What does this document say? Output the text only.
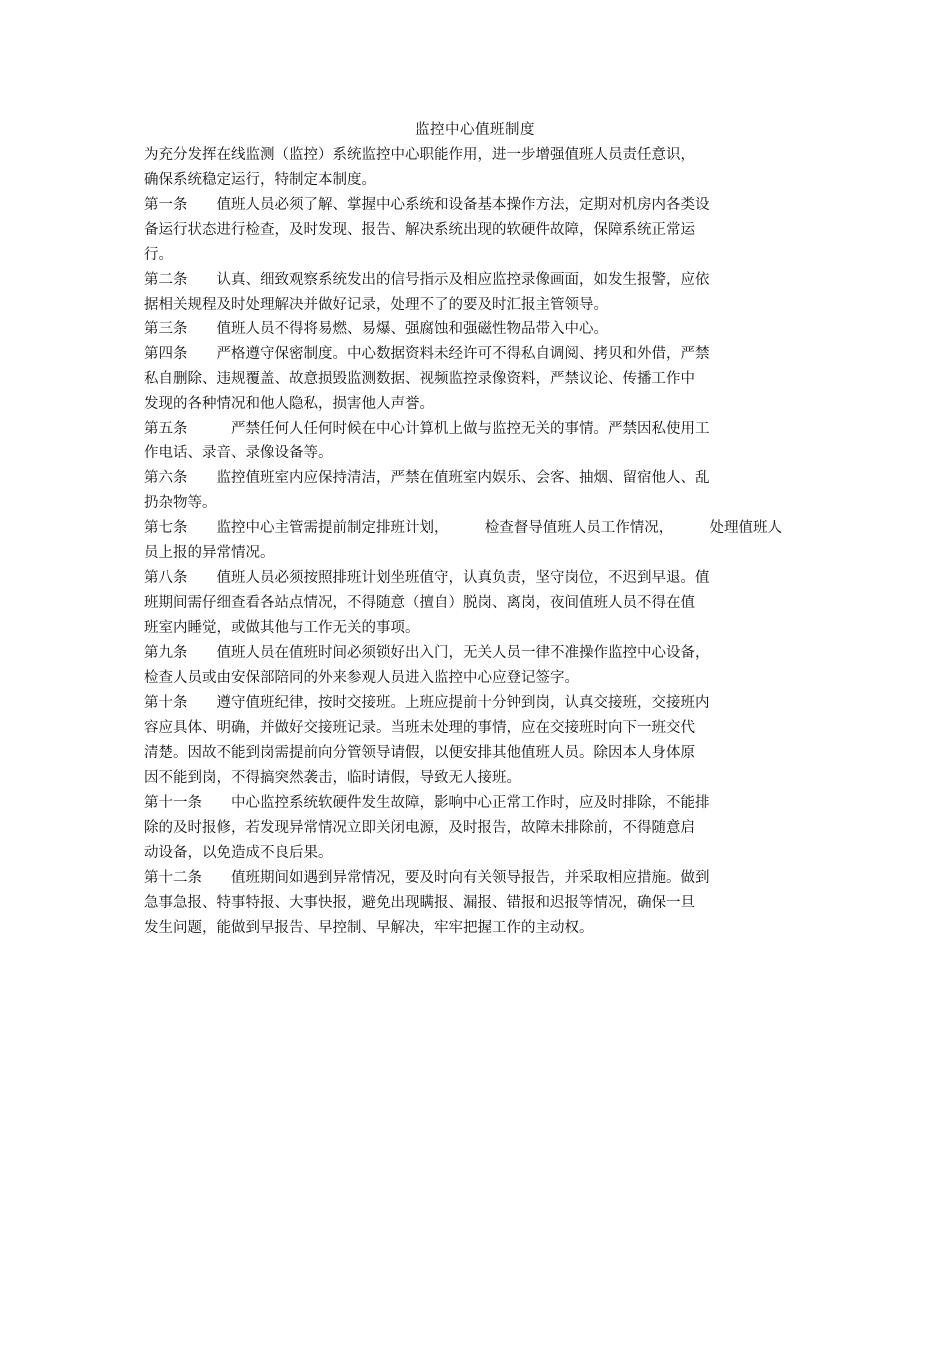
监控中心值班制度
为充分发挥在线监测（监控）系统监控中心职能作用，进一步增强值班人员责任意识，
确保系统稳定运行，特制定本制度。
第一条　　值班人员必须了解、掌握中心系统和设备基本操作方法，定期对机房内各类设
备运行状态进行检查，及时发现、报告、解决系统出现的软硬件故障，保障系统正常运
行。
第二条　　认真、细致观察系统发出的信号指示及相应监控录像画面，如发生报警，应依
据相关规程及时处理解决并做好记录，处理不了的要及时汇报主管领导。
第三条　　值班人员不得将易燃、易爆、强腐蚀和强磁性物品带入中心。
第四条　　严格遵守保密制度。中心数据资料未经许可不得私自调阅、拷贝和外借，严禁
私自删除、违规覆盖、故意损毁监测数据、视频监控录像资料，严禁议论、传播工作中
发现的各种情况和他人隐私，损害他人声誉。
第五条　　　严禁任何人任何时候在中心计算机上做与监控无关的事情。严禁因私使用工
作电话、录音、录像设备等。
第六条　　监控值班室内应保持清洁，严禁在值班室内娱乐、会客、抽烟、留宿他人、乱
扔杂物等。
第七条　　监控中心主管需提前制定排班计划，　　　检查督导值班人员工作情况，　　　处理值班人
员上报的异常情况。
第八条　　值班人员必须按照排班计划坐班值守，认真负责，坚守岗位，不迟到早退。值
班期间需仔细查看各站点情况，不得随意（擅自）脱岗、离岗，夜间值班人员不得在值
班室内睡觉，或做其他与工作无关的事项。
第九条　　值班人员在值班时间必须锁好出入门，无关人员一律不准操作监控中心设备，
检查人员或由安保部陪同的外来参观人员进入监控中心应登记签字。
第十条　　遵守值班纪律，按时交接班。上班应提前十分钟到岗，认真交接班，交接班内
容应具体、明确，并做好交接班记录。当班未处理的事情，应在交接班时向下一班交代
清楚。因故不能到岗需提前向分管领导请假，以便安排其他值班人员。除因本人身体原
因不能到岗，不得搞突然袭击，临时请假，导致无人接班。
第十一条　　中心监控系统软硬件发生故障，影响中心正常工作时，应及时排除，不能排
除的及时报修，若发现异常情况立即关闭电源，及时报告，故障未排除前，不得随意启
动设备，以免造成不良后果。
第十二条　　值班期间如遇到异常情况，要及时向有关领导报告，并采取相应措施。做到
急事急报、特事特报、大事快报，避免出现瞒报、漏报、错报和迟报等情况，确保一旦
发生问题，能做到早报告、早控制、早解决，牢牢把握工作的主动权。
